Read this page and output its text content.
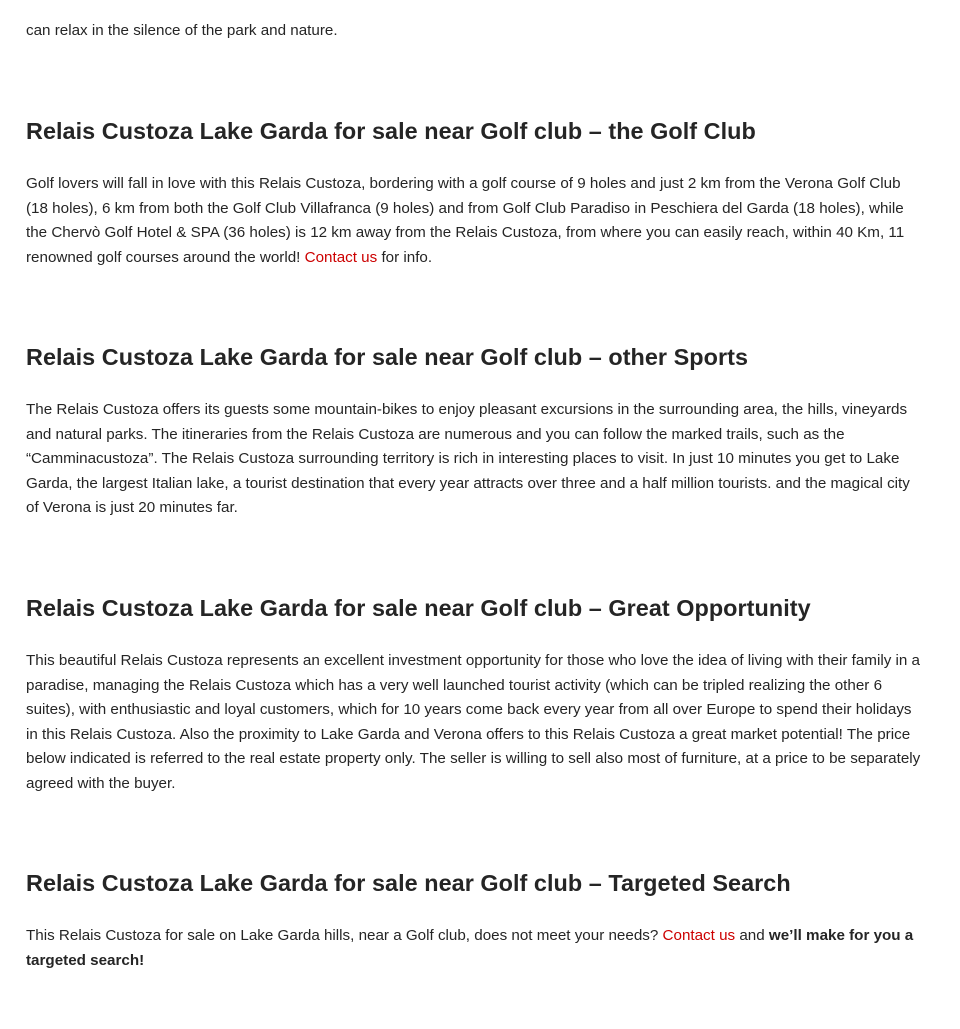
can relax in the silence of the park and nature.

Relais Custoza Lake Garda for sale near Golf club – the Golf Club

Golf lovers will fall in love with this Relais Custoza, bordering with a golf course of 9 holes and just 2 km from the Verona Golf Club (18 holes), 6 km from both the Golf Club Villafranca (9 holes) and from Golf Club Paradiso in Peschiera del Garda (18 holes), while the Chervò Golf Hotel & SPA (36 holes) is 12 km away from the Relais Custoza, from where you can easily reach, within 40 Km, 11 renowned golf courses around the world! Contact us for info.

Relais Custoza Lake Garda for sale near Golf club – other Sports

The Relais Custoza offers its guests some mountain-bikes to enjoy pleasant excursions in the surrounding area, the hills, vineyards and natural parks. The itineraries from the Relais Custoza are numerous and you can follow the marked trails, such as the “Camminacustoza”. The Relais Custoza surrounding territory is rich in interesting places to visit. In just 10 minutes you get to Lake Garda, the largest Italian lake, a tourist destination that every year attracts over three and a half million tourists. and the magical city of Verona is just 20 minutes far.

Relais Custoza Lake Garda for sale near Golf club – Great Opportunity

This beautiful Relais Custoza represents an excellent investment opportunity for those who love the idea of living with their family in a paradise, managing the Relais Custoza which has a very well launched tourist activity (which can be tripled realizing the other 6 suites), with enthusiastic and loyal customers, which for 10 years come back every year from all over Europe to spend their holidays in this Relais Custoza. Also the proximity to Lake Garda and Verona offers to this Relais Custoza a great market potential! The price below indicated is referred to the real estate property only. The seller is willing to sell also most of furniture, at a price to be separately agreed with the buyer.

Relais Custoza Lake Garda for sale near Golf club – Targeted Search

This Relais Custoza for sale on Lake Garda hills, near a Golf club, does not meet your needs? Contact us and we’ll make for you a targeted search!
